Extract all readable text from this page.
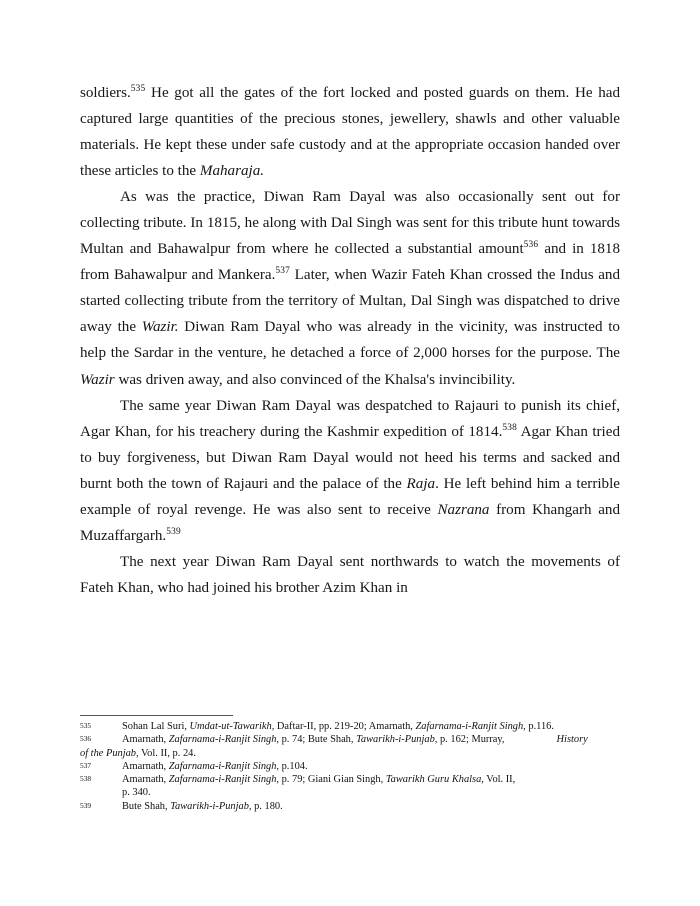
soldiers.$^{535}$ He got all the gates of the fort locked and posted guards on them. He had captured large quantities of the precious stones, jewellery, shawls and other valuable materials. He kept these under safe custody and at the appropriate occasion handed over these articles to the Maharaja.

As was the practice, Diwan Ram Dayal was also occasionally sent out for collecting tribute. In 1815, he along with Dal Singh was sent for this tribute hunt towards Multan and Bahawalpur from where he collected a substantial amount$^{536}$ and in 1818 from Bahawalpur and Mankera.$^{537}$ Later, when Wazir Fateh Khan crossed the Indus and started collecting tribute from the territory of Multan, Dal Singh was dispatched to drive away the Wazir. Diwan Ram Dayal who was already in the vicinity, was instructed to help the Sardar in the venture, he detached a force of 2,000 horses for the purpose. The Wazir was driven away, and also convinced of the Khalsa's invincibility.

The same year Diwan Ram Dayal was despatched to Rajauri to punish its chief, Agar Khan, for his treachery during the Kashmir expedition of 1814.$^{538}$ Agar Khan tried to buy forgiveness, but Diwan Ram Dayal would not heed his terms and sacked and burnt both the town of Rajauri and the palace of the Raja. He left behind him a terrible example of royal revenge. He was also sent to receive Nazrana from Khangarh and Muzaffargarh.$^{539}$

The next year Diwan Ram Dayal sent northwards to watch the movements of Fateh Khan, who had joined his brother Azim Khan in

535	Sohan Lal Suri, Umdat-ut-Tawarikh, Daftar-II, pp. 219-20; Amarnath, Zafarnama-i-Ranjit Singh, p.116.
536	Amarnath, Zafarnama-i-Ranjit Singh, p. 74; Bute Shah, Tawarikh-i-Punjab, p. 162; Murray,	History
of the Punjab, Vol. II, p. 24.
537	Amarnath, Zafarnama-i-Ranjit Singh, p.104.
538	Amarnath, Zafarnama-i-Ranjit Singh, p. 79; Giani Gian Singh, Tawarikh Guru Khalsa, Vol. II,
p. 340.
539	Bute Shah, Tawarikh-i-Punjab, p. 180.
